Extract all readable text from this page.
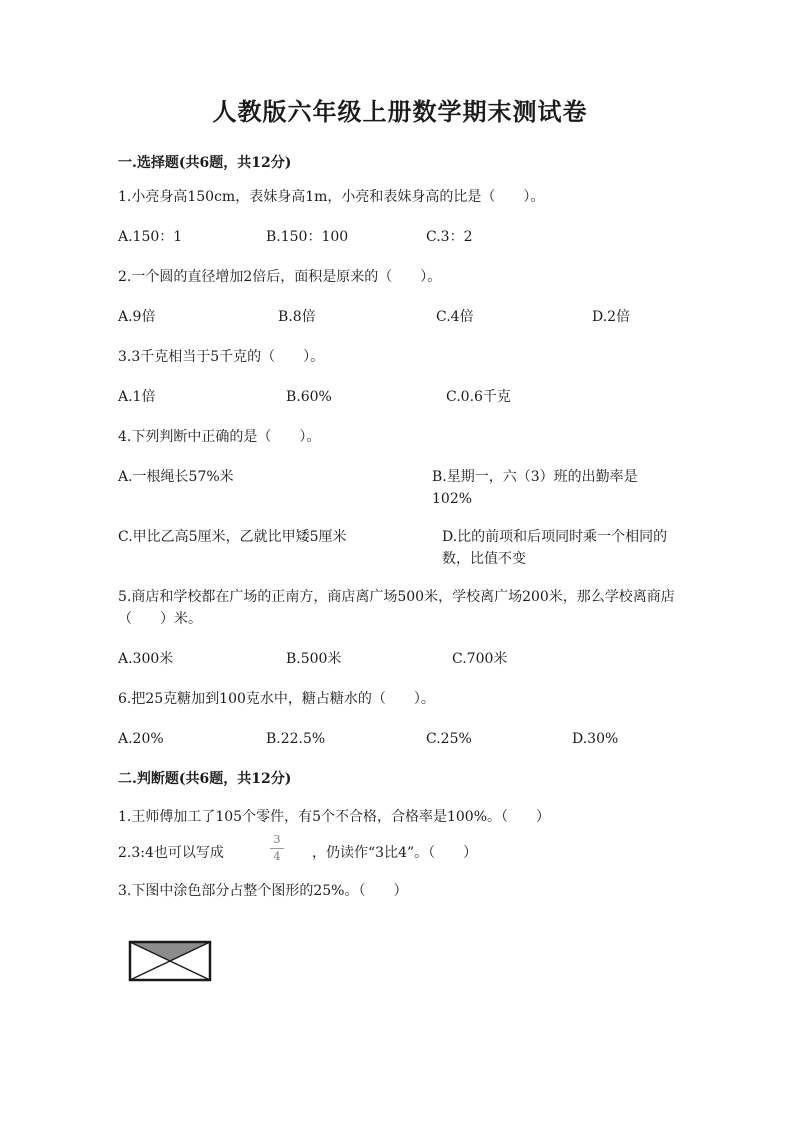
人教版六年级上册数学期末测试卷
一.选择题(共6题，共12分)
1.小亮身高150cm，表妹身高1m，小亮和表妹身高的比是（　　）。
A.150：1	B.150：100	C.3：2
2.一个圆的直径增加2倍后，面积是原来的（　　）。
A.9倍	B.8倍	C.4倍	D.2倍
3.3千克相当于5千克的（　　）。
A.1倍	B.60%	C.0.6千克
4.下列判断中正确的是（　　）。
A.一根绳长57%米	B.星期一，六（3）班的出勤率是102%
C.甲比乙高5厘米，乙就比甲矮5厘米	D.比的前项和后项同时乘一个相同的数，比值不变
5.商店和学校都在广场的正南方，商店离广场500米，学校离广场200米，那么学校离商店（　　）米。
A.300米	B.500米	C.700米
6.把25克糖加到100克水中，糖占糖水的（　　）。
A.20%	B.22.5%	C.25%	D.30%
二.判断题(共6题，共12分)
1.王师傅加工了105个零件，有5个不合格，合格率是100%。（　　）
2.3:4也可以写成
3
4	，仍读作“3比4”。（　　）
3.下图中涂色部分占整个图形的25%。（　　）
